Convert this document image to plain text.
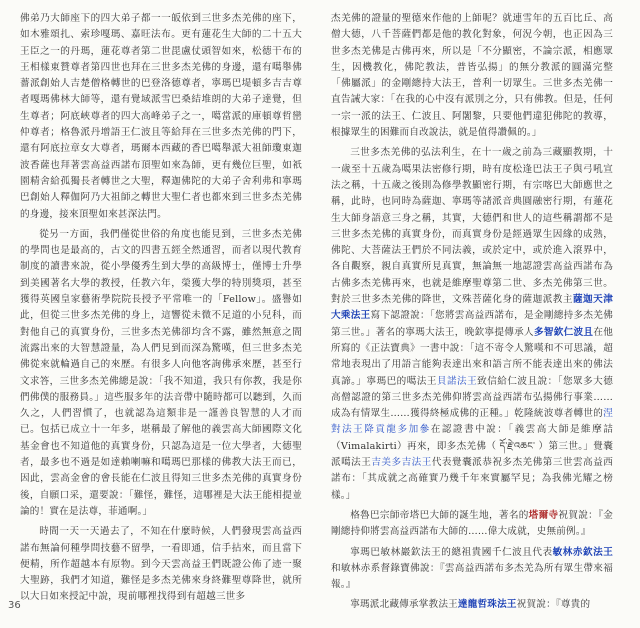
佛弟乃大師座下的四大弟子都一一皈依到三世多杰羌佛的座下，如木雅頌扎、索珍嘎瑪、嘉旺法布。更有蓮花生大師的二十五大王臣之一的丹瑪，蓮花尊者第二世毘盧仗頭智如來，松德干布的王相樣東贊尊者第四世也拜在三世多杰羌佛的身邊，還有噶舉佛薔派創始人吉楚僧格轉世的巴登洛德尊者，寧瑪巴堤頓多吉吉尊者嘎瑪佛林大師等，還有覺域派雪巴桑結堆朗的大弟子達覺，但生尊者；阿底峽尊者的四大高峰弟子之一，噶當派的庫頓尊哲巒仲尊者；格魯派丹增語王仁波且等給拜在三世多杰羌佛的門下，還有阿底拉章女大尊者，瑪爾本西藏的香巴噶舉派大祖師瓊東迦波香薩也拜著雲高益西諾布頂聖如來為師，更有幾位巨聖，如祇園精舍給孤獨長者轉世之大聖，釋迦佛陀的大弟子舍利弗和寧瑪巴創始人釋伽阿乃大祖師之轉世大聖仁者也都來到三世多杰羌佛的身邊，接來頂聖如來甚深法門。

從另一方面，我們僅從世俗的角度也能見到，三世多杰羌佛的學問也是最高的，古文的四書五經全然通習，而者以現代教育制度的讀書來說，從小學優秀生到大學的高級博士，僅博士升學到美國著名大學的教授，任教六年，榮獲大學的特別獎項，甚至獲得英國皇家藝術學院院長授予平常唯一的「Fellow」。盛譽如此，但從三世多杰羌佛的身上，這響從未微不足道的小兒科，而對他自己的真實身份，三世多杰羌佛卻均含不露，雖然無意之間流露出來的大智慧證量，為人們見到而深為驚嘆，但三世多杰羌佛從來就輪過自己的來歷。有很多人向他客詢佛承來歷，甚至行文求答，三世多杰羌佛總是說：「我不知道，我只有你教，我是你們佛僕的服務員。」這些服多年的法音帶中隨時都可以聽到，久而久之，人們習慣了，也就認為這類非是一謹善良智慧的人才而已。包括已成立十一年多，堪稱最了解他的義雲高大師國際文化基金會也不知道他的真實身份，只認為這是一位大學者，大德聖者，最多也不過是如達賴喇嘛和噶瑪巴那樣的佛教大法王而已，因此，雲高金會的會長能在仁波且得知三世多杰羌佛的真實身份後，自願口采，還要說：「難怪，難怪，這哪裡是大法王能相提並論的！實在是法尊，菲通啊。」

時間一天一天過去了，不知在什麼時候，人們發現雲高益西諾布無論何種學問技藝不留學，一看即通，信手拈來，而且當下便精，所作超越本有原物。到今天雲高益王們既證公佈了迹一聚大聖跡，我們才知道，難怪是多杰羌佛來身終難聖尊降世，就所以大日如來授記中說，現前哪裡找得到有超越三世多

杰羌佛的證量的聖德來作他的上師呢？就連雪年的五百比丘、高僧大德，八千菩薩們都是他的教化對象，何況今朝，也正因為三世多杰羌佛是古佛再來，所以是「不分顯密，不論宗派，相應眾生，因機教化，佛陀教法，普皆弘揚」的無分教派的圓滿完整「佛屬派」的金剛總持大法王，普利一切眾生。三世多杰羌佛一直告誡大家：「在我的心中沒有派別之分，只有佛教。但是，任何一宗一派的法王、仁波且、阿闍黎，只要他們違犯佛陀的教導，根據眾生的困難而自改說法，就是值得讚佩的。」

三世多杰羌佛的弘法利生，在十一歲之前為三藏顯教期，十一歲至十五歲為噶果法密修行期，時有度松逢巴法王子與弓吼宣法之稱，十五歲之後則為修學教顯密行期，有宗喀巴大師應世之稱，此時，也同時為薩迦、寧瑪等諸派音典圓融密行期，有蓮花生大師身語意三身之稱，其實，大德們和世人的這些稱謂都不是三世多杰羌佛的真實身份，而真實身份是經過眾生因緣的成熟，佛陀、大菩薩法王們於不同法義，或於定中，或於進入滾界中，各自觀察，親自真實所見真實，無論無一地認證雲高益西諾布為古佛多杰羌佛再來，也就是維摩聖尊第二世、多杰羌佛第三世。對於三世多杰羌佛的降世，文殊菩薩化身的薩迦派教主薩迦天津大乘法王寫下認證說：「您將雲高益西諾布，是金剛總持多杰羌佛第三世。」著名的寧瑪大法王，晚欽寧提傳承人多智欽仁波且在他所寫的《正法寶典》一書中說：「這不寄令人驚嘆和不可思議，超常地表現出了用語言能夠表達出來和語言所不能表達出來的佛法真諦。」寧瑪巴的噶法王貝諾法王致信給仁波且說：「您眾多大德高僧認證的第三世多杰羌佛仰將雲高益西諾布弘揚佛行事業……成為有情眾生……獲得終極成佛的正種。」乾隆統波尊者轉世的涅對法王降貢龍多加參在認證書中說：「義雲高大師是維摩詰（Vimalakirti）再來，即多杰羌佛（ དོ་རྗེ་འཆང་ ）第三世。」覺囊派噶法王吉美多吉法王代表覺囊派恭祝多杰羌佛第三世雲高益西諾布：「其成就之高確實乃幾千年來實屬罕見；為我佛光耀之榜樣。」

格魯巴宗師帝塔巴大師的誕生地，著名的塔爾寺祝賀說：『金剛總持仰將雲高益西諾布大師的……偉大成就，史無前例。』

寧瑪巴敏林巖欽法王的總祖貴國千仁波且代表敏林赤欽法王和敏林赤系督錄寶佛說：『雲高益西諾布多杰羌為所有眾生帶來福報。』

寧瑪派北藏傳承掌教法王達龍哲珠法王祝賀說：『尊貴的

36
